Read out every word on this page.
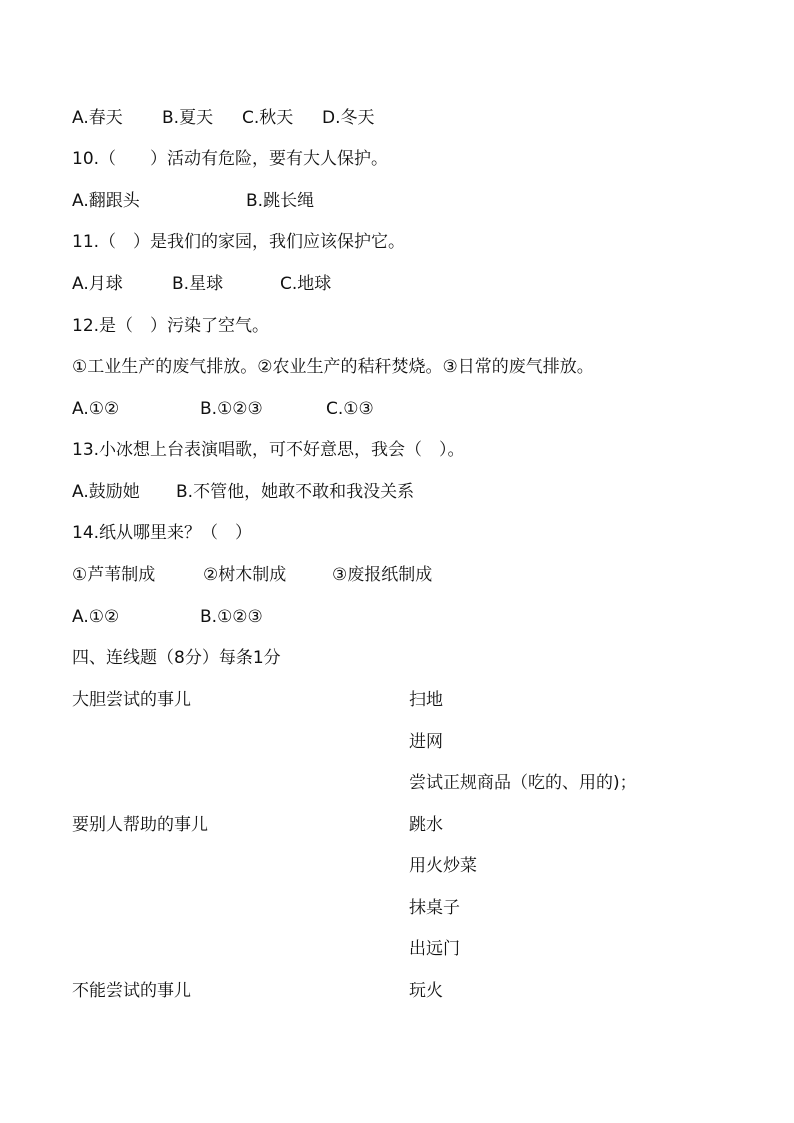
A.春天 B.夏天 C.秋天 D.冬天
10.（　　）活动有危险，要有大人保护。
A.翻跟头	B.跳长绳
11.（　）是我们的家园，我们应该保护它。
A.月球	B.星球	C.地球
12.是（　）污染了空气。
①工业生产的废气排放。②农业生产的秸秆焚烧。③日常的废气排放。
A.①②	B.①②③	C.①③
13.小冰想上台表演唱歌，可不好意思，我会（　）。
A.鼓励她 B.不管他，她敢不敢和我没关系
14.纸从哪里来？（　）
①芦苇制成	②树木制成	③废报纸制成
A.①②	B.①②③
四、连线题（8分）每条1分
大胆尝试的事儿
要别人帮助的事儿
不能尝试的事儿
扫地
进网
尝试正规商品（吃的、用的)；
跳水
用火炒菜
抹桌子
出远门
玩火
